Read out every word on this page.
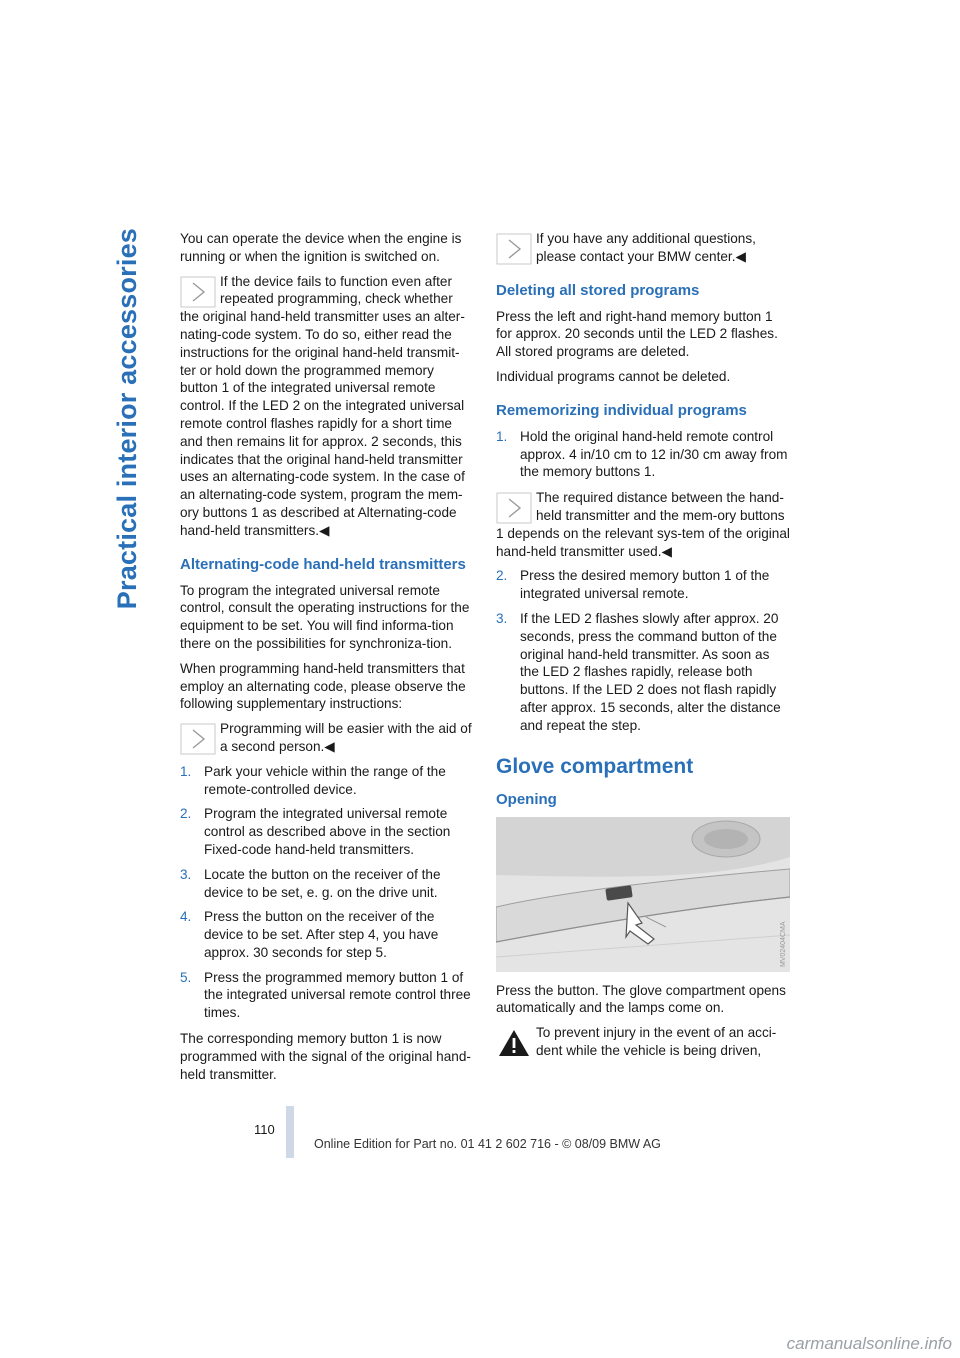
Practical interior accessories	You can operate the device when the engine is running or when the ignition is switched on.

If the device fails to function even after repeated programming, check whether the original hand-held transmitter uses an alter-nating-code system. To do so, either read the instructions for the original hand-held transmit-ter or hold down the programmed memory button 1 of the integrated universal remote control. If the LED 2 on the integrated universal remote control flashes rapidly for a short time and then remains lit for approx. 2 seconds, this indicates that the original hand-held transmitter uses an alternating-code system. In the case of an alternating-code system, program the mem-ory buttons 1 as described at Alternating-code hand-held transmitters.◀
Alternating-code hand-held transmitters

To program the integrated universal remote control, consult the operating instructions for the equipment to be set. You will find informa-tion there on the possibilities for synchroniza-tion.

When programming hand-held transmitters that employ an alternating code, please observe the following supplementary instructions:

Programming will be easier with the aid of a second person.◀
1. Park your vehicle within the range of the remote-controlled device.
2. Program the integrated universal remote control as described above in the section Fixed-code hand-held transmitters.
3. Locate the button on the receiver of the device to be set, e. g. on the drive unit.
4. Press the button on the receiver of the device to be set. After step 4, you have approx. 30 seconds for step 5.
5. Press the programmed memory button 1 of the integrated universal remote control three times.

The corresponding memory button 1 is now programmed with the signal of the original hand-held transmitter.

If you have any additional questions, please contact your BMW center.◀
Deleting all stored programs

Press the left and right-hand memory button 1 for approx. 20 seconds until the LED 2 flashes. All stored programs are deleted.

Individual programs cannot be deleted.

Rememorizing individual programs
1. Hold the original hand-held remote control approx. 4 in/10 cm to 12 in/30 cm away from the memory buttons 1.
The required distance between the hand-held transmitter and the mem-ory buttons 1 depends on the relevant sys-tem of the original hand-held transmitter used.◀
2. Press the desired memory button 1 of the integrated universal remote.
3. If the LED 2 flashes slowly after approx. 20 seconds, press the command button of the original hand-held transmitter. As soon as the LED 2 flashes rapidly, release both buttons. If the LED 2 does not flash rapidly after approx. 15 seconds, alter the distance and repeat the step.
Glove compartment
Opening
MV02404CMA

Press the button. The glove compartment opens automatically and the lamps come on.

To prevent injury in the event of an acci-dent while the vehicle is being driven,
110
Online Edition for Part no. 01 41 2 602 716 - © 08/09 BMW AG
carmanualsonline.info
